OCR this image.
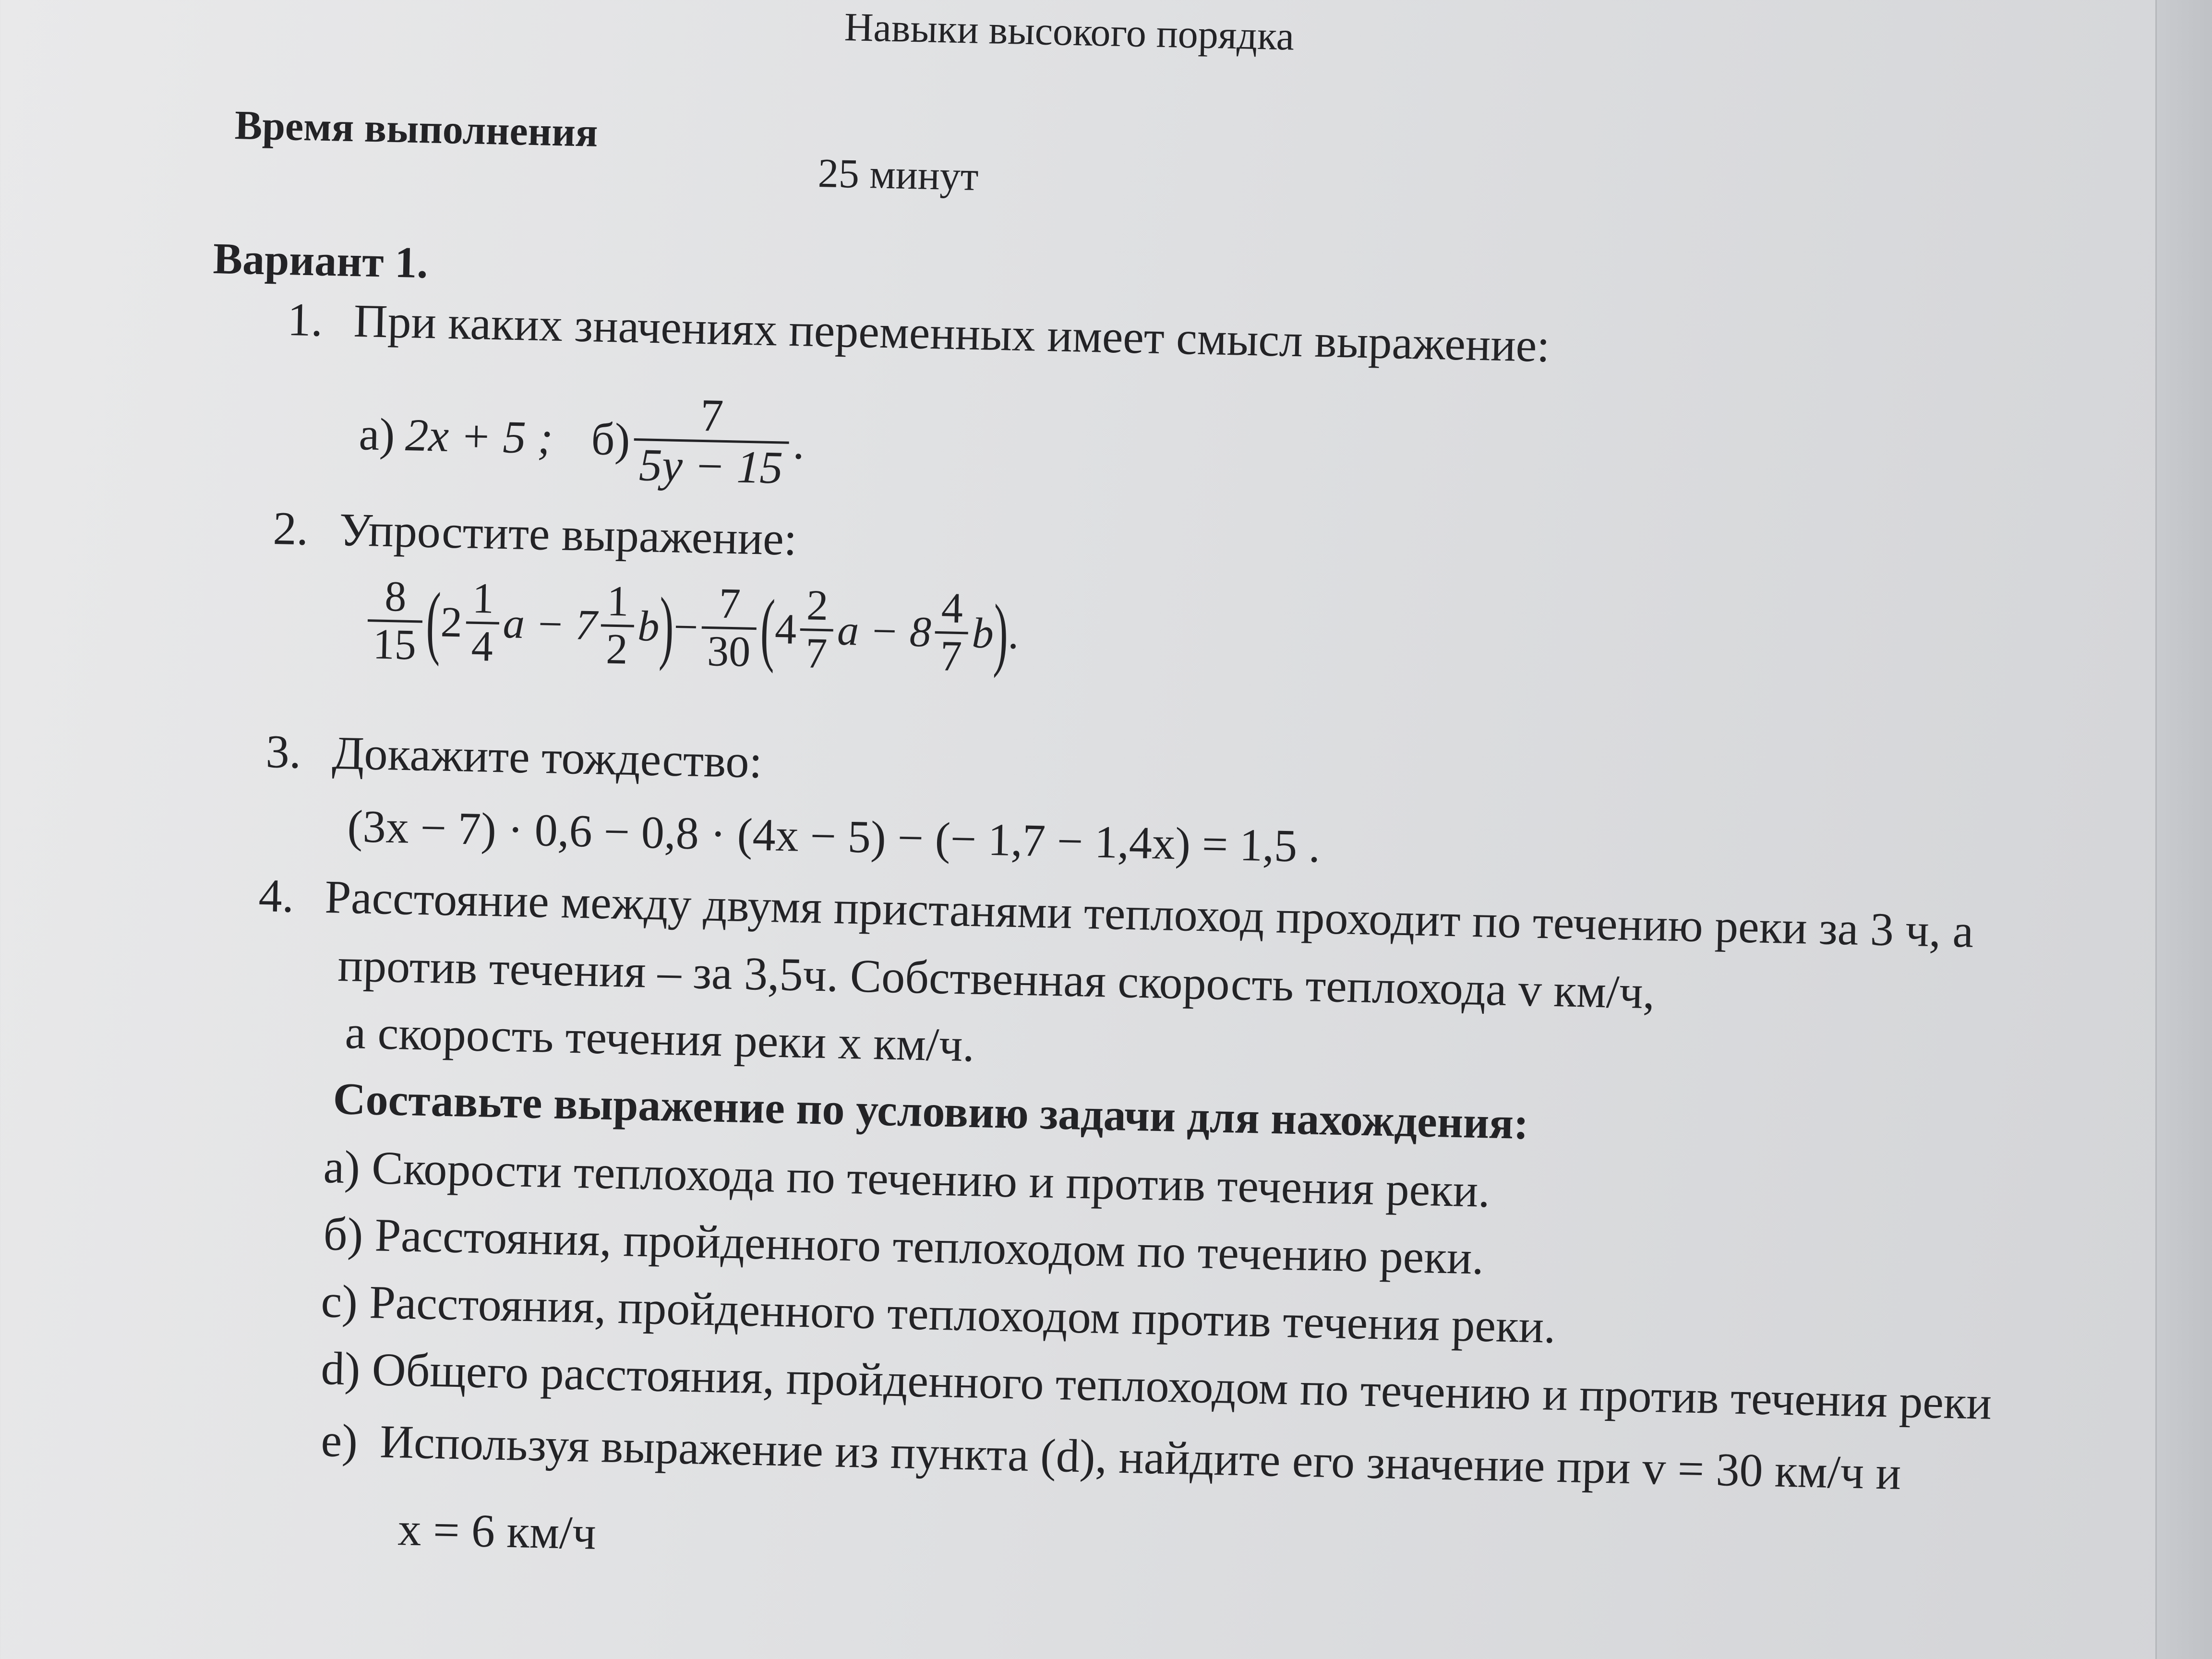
Навыки высокого порядка
Время выполнения
25 минут
Вариант 1.
1. При каких значениях переменных имеет смысл выражение:
а) 2x + 5 ; $б) \frac{7}{5y - 15}$ .
2. Упростите выражение:
$\frac{8}{15}$ (
$2 \frac{1}{4}$ $a - 7 \frac{1}{2}$ b
)
− $\frac{7}{30}$ (
$4 \frac{2}{7}$ $a - 8 \frac{4}{7}$ b
)
.
3. Докажите тождество:
(3x − 7) · 0,6 − 0,8 · (4x − 5) − (− 1,7 − 1,4x) = 1,5 .
4. Расстояние между двумя пристанями теплоход проходит по течению реки за 3 ч, а
против течения – за 3,5ч. Собственная скорость теплохода v км/ч,
а скорость течения реки х км/ч.
Составьте выражение по условию задачи для нахождения:
а) Скорости теплохода по течению и против течения реки.
б) Расстояния, пройденного теплоходом по течению реки.
с) Расстояния, пройденного теплоходом против течения реки.
d) Общего расстояния, пройденного теплоходом по течению и против течения реки
е) Используя выражение из пункта (d), найдите его значение при v = 30 км/ч и
x = 6 км/ч
